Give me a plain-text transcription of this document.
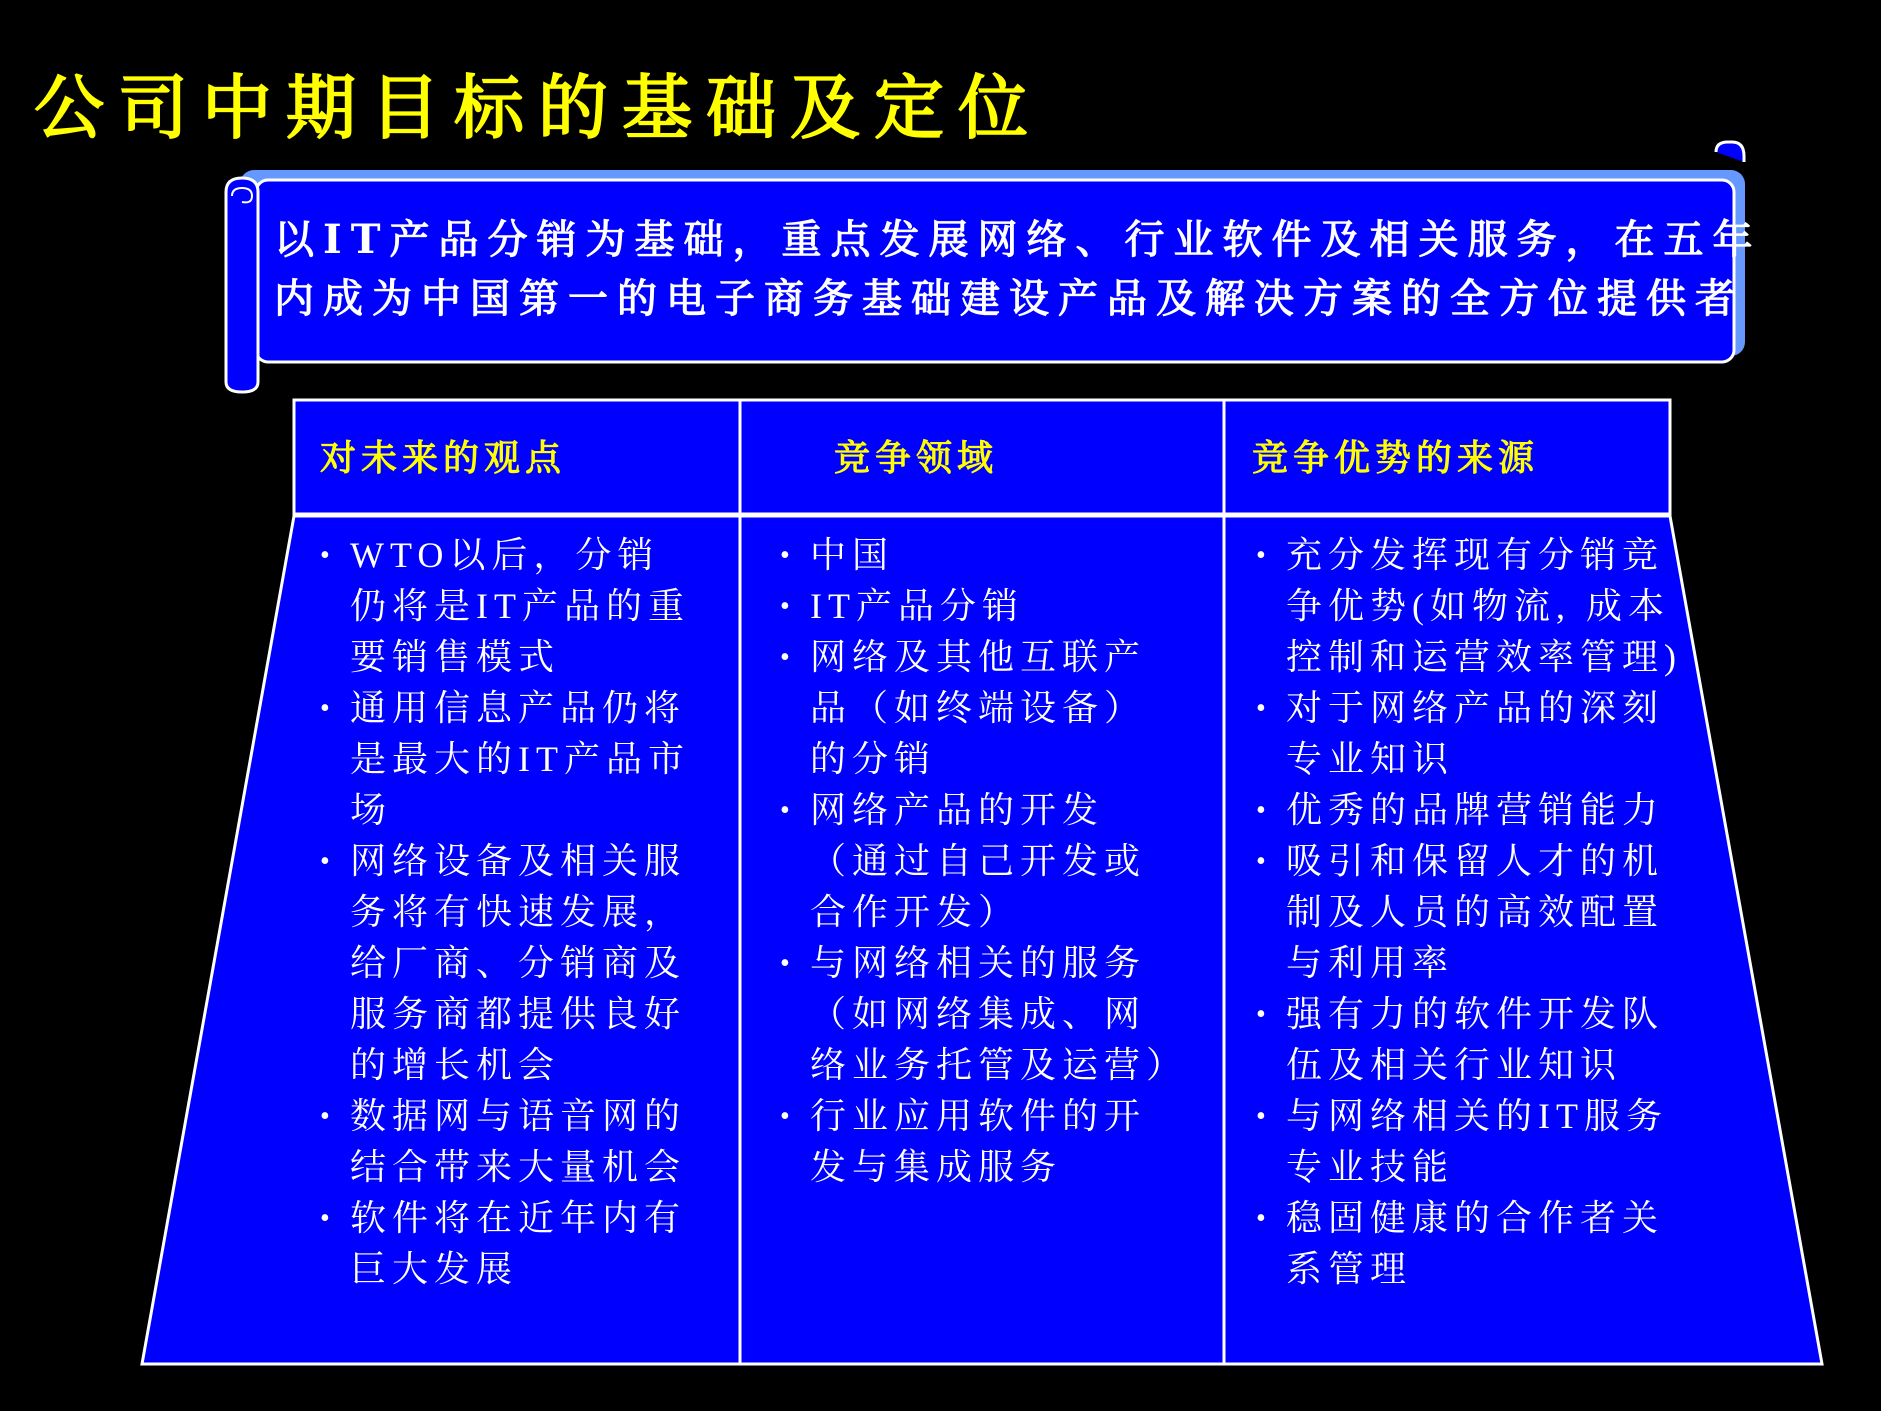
公司中期目标的基础及定位
以IT产品分销为基础，重点发展网络、行业软件及相关服务，在五年
内成为中国第一的电子商务基础建设产品及解决方案的全方位提供者
对未来的观点	竞争领域	竞争优势的来源
• WTO以后，分销
仍将是IT产品的重
要销售模式
• 通用信息产品仍将
是最大的IT产品市
场
• 网络设备及相关服
务将有快速发展，
给厂商、分销商及
服务商都提供良好
的增长机会
• 数据网与语音网的
结合带来大量机会
• 软件将在近年内有
巨大发展
• 中国
• IT产品分销
• 网络及其他互联产
品（如终端设备）
的分销
• 网络产品的开发
（通过自己开发或
合作开发）
• 与网络相关的服务
（如网络集成、网
络业务托管及运营）
• 行业应用软件的开
发与集成服务
• 充分发挥现有分销竞
争优势(如物流, 成本
控制和运营效率管理)
• 对于网络产品的深刻
专业知识
• 优秀的品牌营销能力
• 吸引和保留人才的机
制及人员的高效配置
与利用率
• 强有力的软件开发队
伍及相关行业知识
• 与网络相关的IT服务
专业技能
• 稳固健康的合作者关
系管理
